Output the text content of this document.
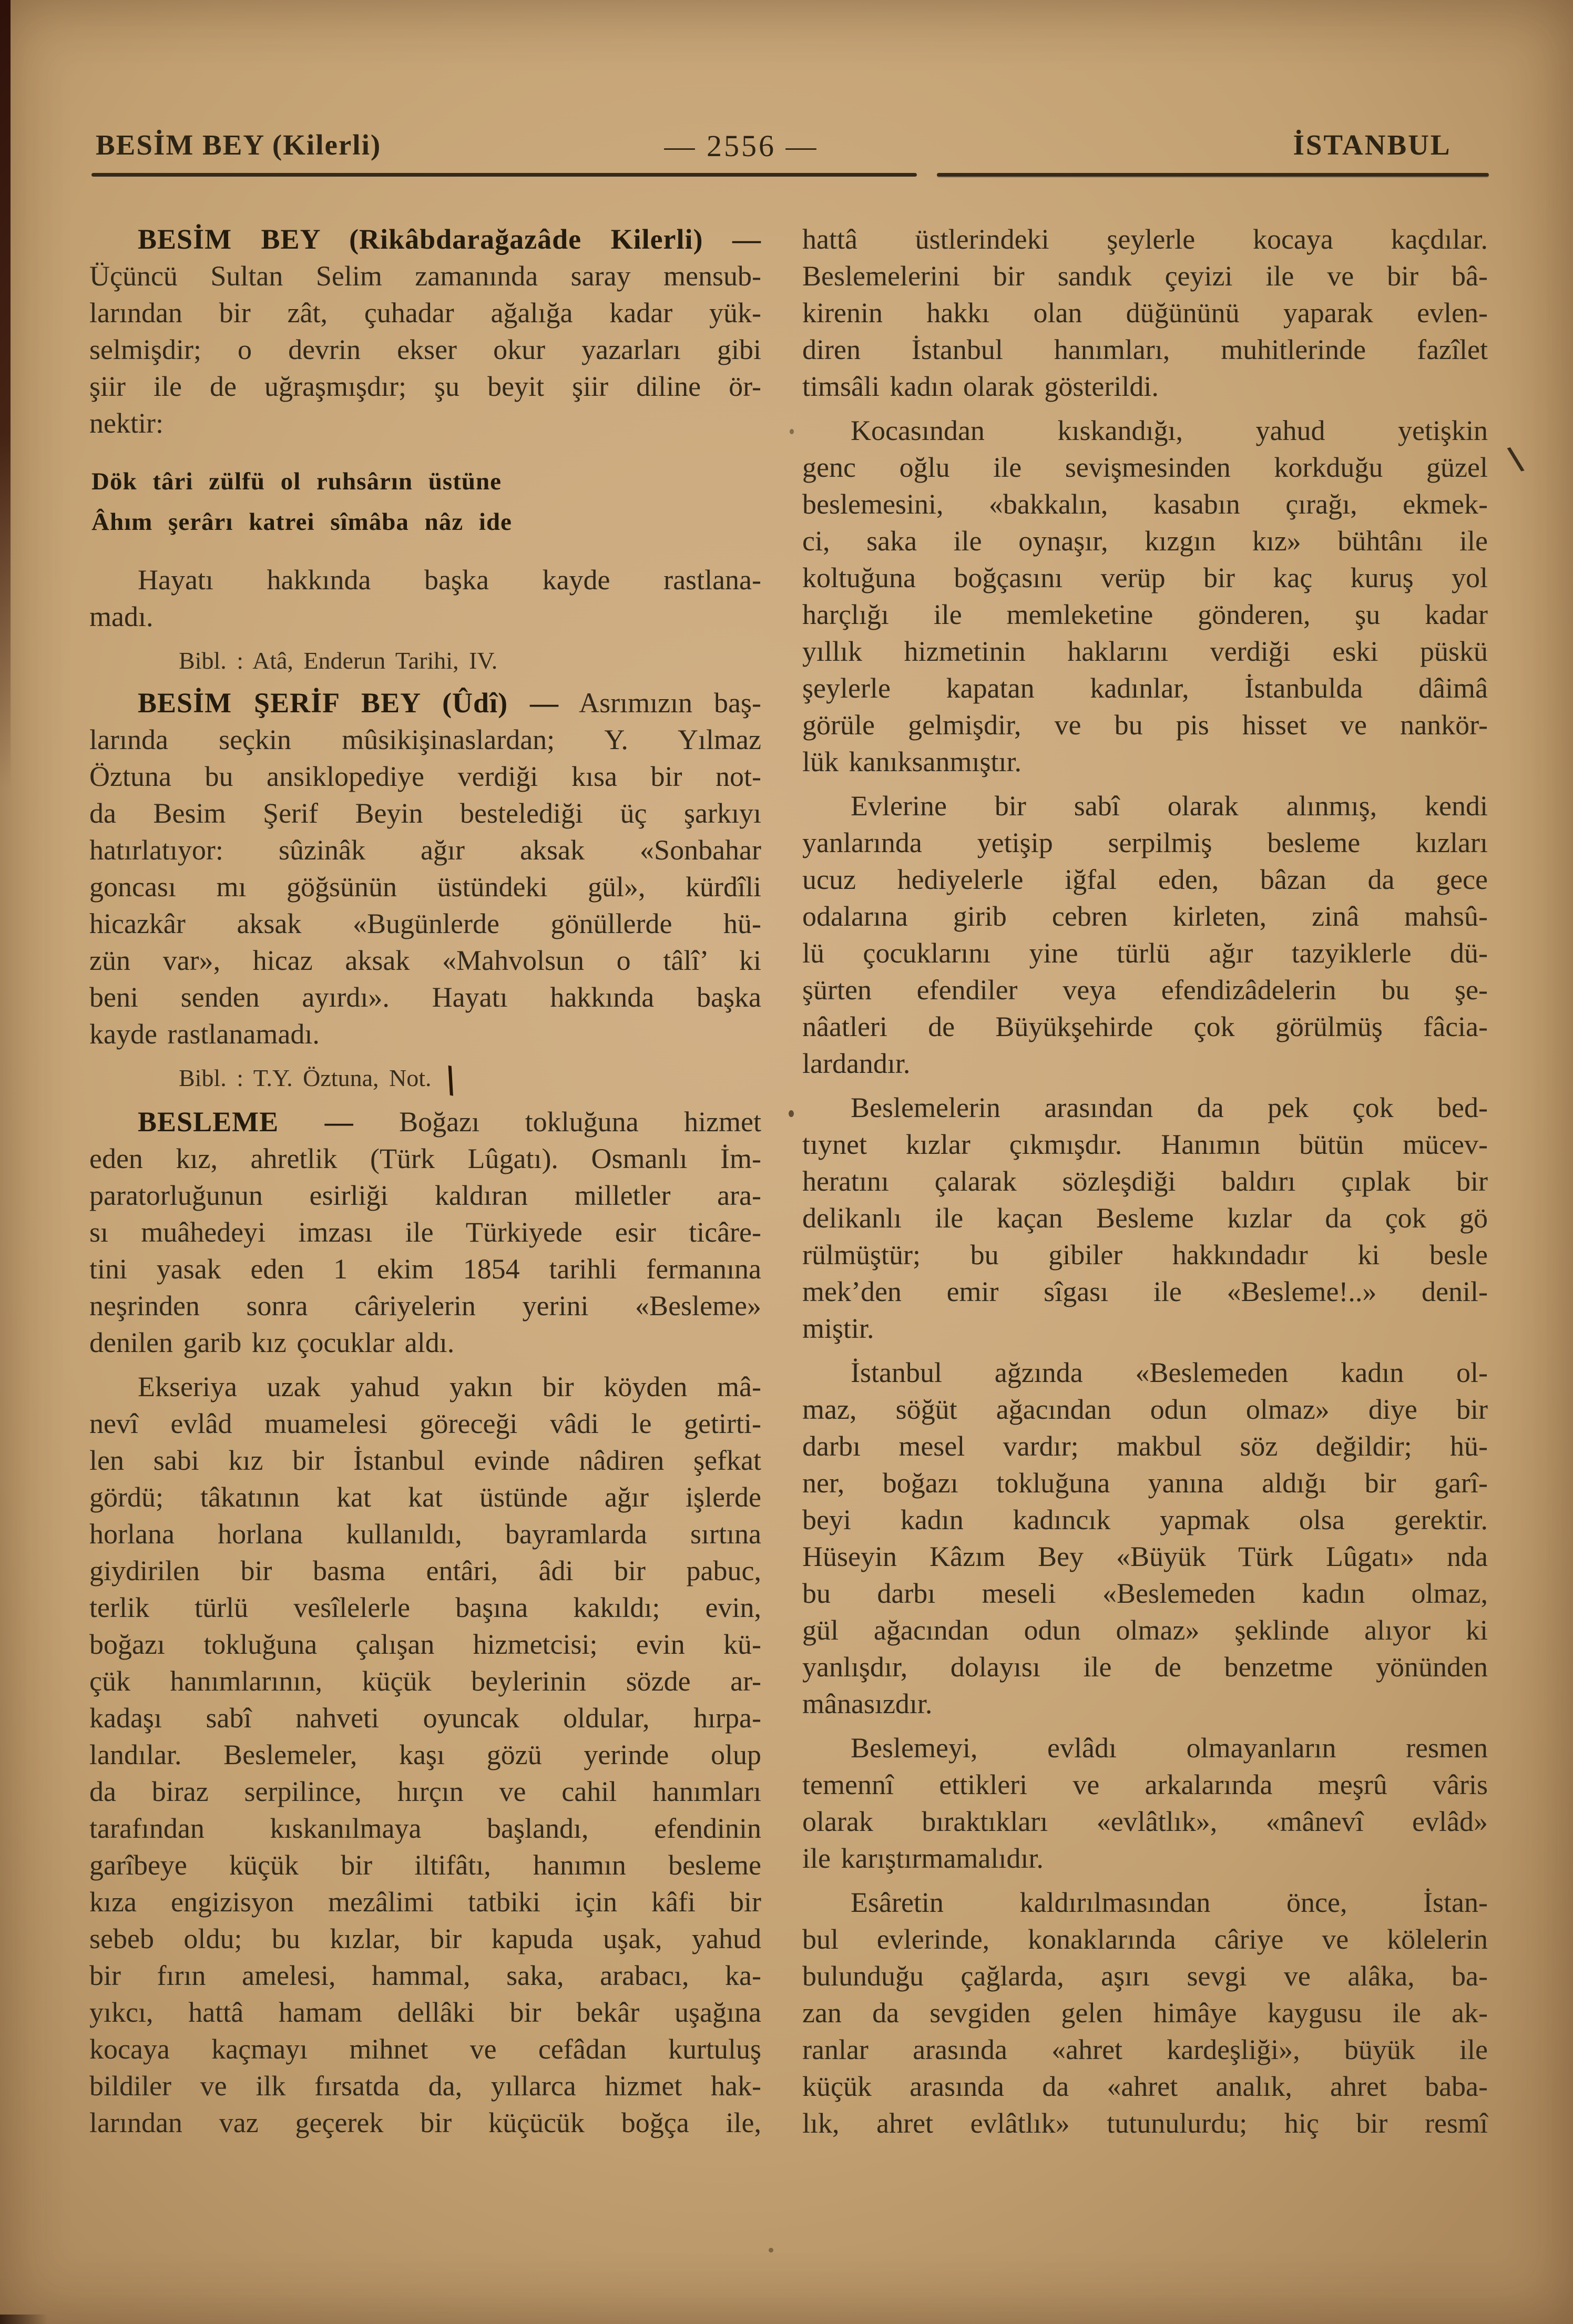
BESİM BEY (Kilerli)	— 2556 —	İSTANBUL
BESİM BEY (Rikâbdarağazâde Kilerli) —
Üçüncü Sultan Selim zamanında saray mensub-
larından bir zât, çuhadar ağalığa kadar yük-
selmişdir; o devrin ekser okur yazarları gibi
şiir ile de uğraşmışdır; şu beyit şiir diline ör-
nektir:
Dök târi zülfü ol ruhsârın üstüne
Âhım şerârı katrei sîmâba nâz ide
Hayatı hakkında başka kayde rastlana-
madı.
Bibl. : Atâ, Enderun Tarihi, IV.
BESİM ŞERİF BEY (Ûdî) — Asrımızın baş-
larında seçkin mûsikişinaslardan; Y. Yılmaz
Öztuna bu ansiklopediye verdiği kısa bir not-
da Besim Şerif Beyin bestelediği üç şarkıyı
hatırlatıyor: sûzinâk ağır aksak «Sonbahar
goncası mı göğsünün üstündeki gül», kürdîli
hicazkâr aksak «Bugünlerde gönüllerde hü-
zün var», hicaz aksak «Mahvolsun o tâlî’ ki
beni senden ayırdı». Hayatı hakkında başka
kayde rastlanamadı.
Bibl. : T.Y. Öztuna, Not. \
BESLEME — Boğazı tokluğuna hizmet
eden kız, ahretlik (Türk Lûgatı). Osmanlı İm-
paratorluğunun esirliği kaldıran milletler ara-
sı muâhedeyi imzası ile Türkiyede esir ticâre-
tini yasak eden 1 ekim 1854 tarihli fermanına
neşrinden sonra câriyelerin yerini «Besleme»
denilen garib kız çocuklar aldı.
Ekseriya uzak yahud yakın bir köyden mâ-
nevî evlâd muamelesi göreceği vâdi le getirti-
len sabi kız bir İstanbul evinde nâdiren şefkat
gördü; tâkatının kat kat üstünde ağır işlerde
horlana horlana kullanıldı, bayramlarda sırtına
giydirilen bir basma entâri, âdi bir pabuc,
terlik türlü vesîlelerle başına kakıldı; evin,
boğazı tokluğuna çalışan hizmetcisi; evin kü-
çük hanımlarının, küçük beylerinin sözde ar-
kadaşı sabî nahveti oyuncak oldular, hırpa-
landılar. Beslemeler, kaşı gözü yerinde olup
da biraz serpilince, hırçın ve cahil hanımları
tarafından kıskanılmaya başlandı, efendinin
garîbeye küçük bir iltifâtı, hanımın besleme
kıza engizisyon mezâlimi tatbiki için kâfi bir
sebeb oldu; bu kızlar, bir kapuda uşak, yahud
bir fırın amelesi, hammal, saka, arabacı, ka-
yıkcı, hattâ hamam dellâki bir bekâr uşağına
kocaya kaçmayı mihnet ve cefâdan kurtuluş
bildiler ve ilk fırsatda da, yıllarca hizmet hak-
larından vaz geçerek bir küçücük boğça ile,
hattâ üstlerindeki şeylerle kocaya kaçdılar.
Beslemelerini bir sandık çeyizi ile ve bir bâ-
kirenin hakkı olan düğününü yaparak evlen-
diren İstanbul hanımları, muhitlerinde fazîlet
timsâli kadın olarak gösterildi.
Kocasından kıskandığı, yahud yetişkin
genc oğlu ile sevişmesinden korkduğu güzel
beslemesini, «bakkalın, kasabın çırağı, ekmek-
ci, saka ile oynaşır, kızgın kız» bühtânı ile
koltuğuna boğçasını verüp bir kaç kuruş yol
harçlığı ile memleketine gönderen, şu kadar
yıllık hizmetinin haklarını verdiği eski püskü
şeylerle kapatan kadınlar, İstanbulda dâimâ
görüle gelmişdir, ve bu pis hisset ve nankör-
lük kanıksanmıştır.
Evlerine bir sabî olarak alınmış, kendi
yanlarında yetişip serpilmiş besleme kızları
ucuz hediyelerle iğfal eden, bâzan da gece
odalarına girib cebren kirleten, zinâ mahsû-
lü çocuklarını yine türlü ağır tazyiklerle dü-
şürten efendiler veya efendizâdelerin bu şe-
nâatleri de Büyükşehirde çok görülmüş fâcia-
lardandır.
Beslemelerin arasından da pek çok bed-
tıynet kızlar çıkmışdır. Hanımın bütün mücev-
heratını çalarak sözleşdiği baldırı çıplak bir
delikanlı ile kaçan Besleme kızlar da çok gö
rülmüştür; bu gibiler hakkındadır ki besle
mek’den emir sîgası ile «Besleme!..» denil-
miştir.
İstanbul ağzında «Beslemeden kadın ol-
maz, söğüt ağacından odun olmaz» diye bir
darbı mesel vardır; makbul söz değildir; hü-
ner, boğazı tokluğuna yanına aldığı bir garî-
beyi kadın kadıncık yapmak olsa gerektir.
Hüseyin Kâzım Bey «Büyük Türk Lûgatı» nda
bu darbı meseli «Beslemeden kadın olmaz,
gül ağacından odun olmaz» şeklinde alıyor ki
yanlışdır, dolayısı ile de benzetme yönünden
mânasızdır.
Beslemeyi, evlâdı olmayanların resmen
temennî ettikleri ve arkalarında meşrû vâris
olarak bıraktıkları «evlâtlık», «mânevî evlâd»
ile karıştırmamalıdır.
Esâretin kaldırılmasından önce, İstan-
bul evlerinde, konaklarında câriye ve kölelerin
bulunduğu çağlarda, aşırı sevgi ve alâka, ba-
zan da sevgiden gelen himâye kaygusu ile ak-
ranlar arasında «ahret kardeşliği», büyük ile
küçük arasında da «ahret analık, ahret baba-
lık, ahret evlâtlık» tutunulurdu; hiç bir resmî
\
